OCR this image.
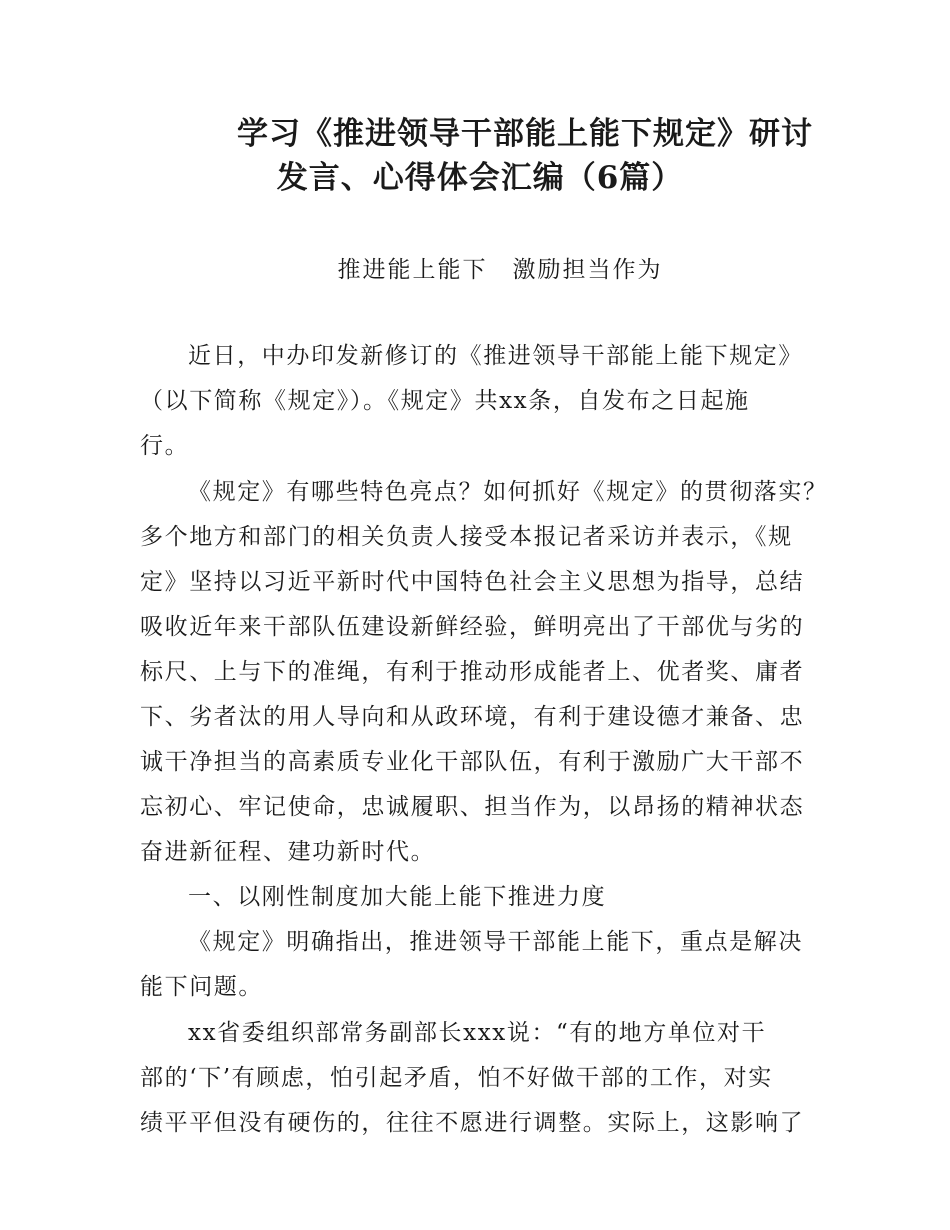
学习《推进领导干部能上能下规定》研讨
发言、心得体会汇编（6篇）
推进能上能下　激励担当作为

近日，中办印发新修订的《推进领导干部能上能下规定》
（以下简称《规定》）。《规定》共xx条，自发布之日起施
行。

《规定》有哪些特色亮点？如何抓好《规定》的贯彻落实？
多个地方和部门的相关负责人接受本报记者采访并表示，《规
定》坚持以习近平新时代中国特色社会主义思想为指导，总结
吸收近年来干部队伍建设新鲜经验，鲜明亮出了干部优与劣的
标尺、上与下的准绳，有利于推动形成能者上、优者奖、庸者
下、劣者汰的用人导向和从政环境，有利于建设德才兼备、忠
诚干净担当的高素质专业化干部队伍，有利于激励广大干部不
忘初心、牢记使命，忠诚履职、担当作为，以昂扬的精神状态
奋进新征程、建功新时代。

一、以刚性制度加大能上能下推进力度

《规定》明确指出，推进领导干部能上能下，重点是解决
能下问题。

xx省委组织部常务副部长xxx说：“有的地方单位对干
部的‘下’有顾虑，怕引起矛盾，怕不好做干部的工作，对实
绩平平但没有硬伤的，往往不愿进行调整。实际上，这影响了
